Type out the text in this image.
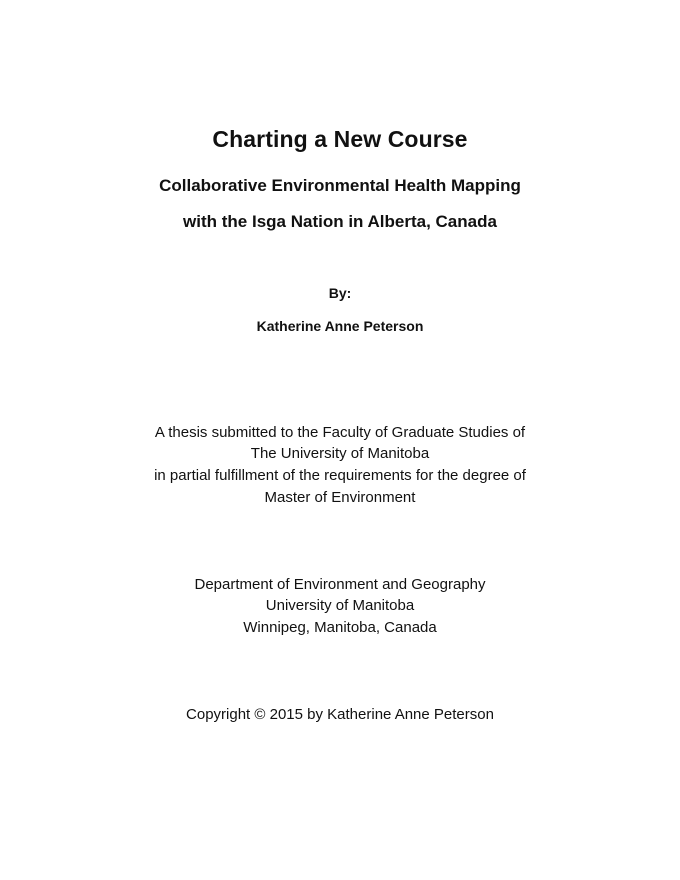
Charting a New Course
Collaborative Environmental Health Mapping
with the Isga Nation in Alberta, Canada
By:
Katherine Anne Peterson
A thesis submitted to the Faculty of Graduate Studies of
The University of Manitoba
in partial fulfillment of the requirements for the degree of
Master of Environment
Department of Environment and Geography
University of Manitoba
Winnipeg, Manitoba, Canada
Copyright © 2015 by Katherine Anne Peterson
